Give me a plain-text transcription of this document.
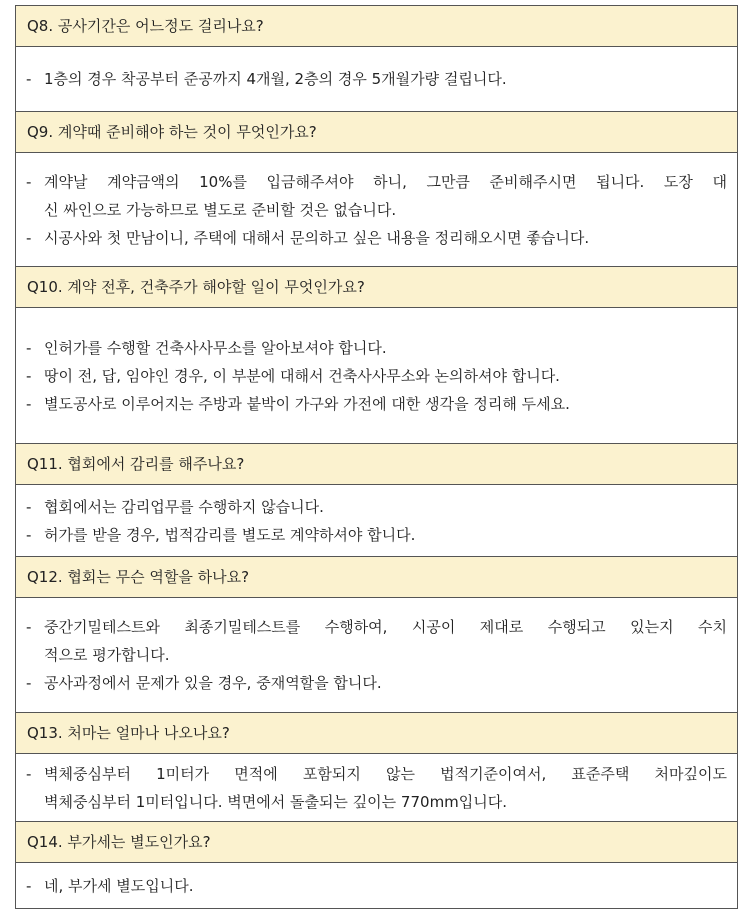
Q8. 공사기간은 어느정도 걸리나요?
- 1층의 경우 착공부터 준공까지 4개월, 2층의 경우 5개월가량 걸립니다.
Q9. 계약때 준비해야 하는 것이 무엇인가요?
- 계약날 계약금액의 10%를 입금해주셔야 하니, 그만큼 준비해주시면 됩니다. 도장 대
신 싸인으로 가능하므로 별도로 준비할 것은 없습니다.
- 시공사와 첫 만남이니, 주택에 대해서 문의하고 싶은 내용을 정리해오시면 좋습니다.
Q10. 계약 전후, 건축주가 해야할 일이 무엇인가요?
- 인허가를 수행할 건축사사무소를 알아보셔야 합니다.
- 땅이 전, 답, 임야인 경우, 이 부분에 대해서 건축사사무소와 논의하셔야 합니다.
- 별도공사로 이루어지는 주방과 붙박이 가구와 가전에 대한 생각을 정리해 두세요.
Q11. 협회에서 감리를 해주나요?
- 협회에서는 감리업무를 수행하지 않습니다.
- 허가를 받을 경우, 법적감리를 별도로 계약하셔야 합니다.
Q12. 협회는 무슨 역할을 하나요?
- 중간기밀테스트와 최종기밀테스트를 수행하여, 시공이 제대로 수행되고 있는지 수치
적으로 평가합니다.
- 공사과정에서 문제가 있을 경우, 중재역할을 합니다.
Q13. 처마는 얼마나 나오나요?
- 벽체중심부터 1미터가 면적에 포함되지 않는 법적기준이여서, 표준주택 처마깊이도
벽체중심부터 1미터입니다. 벽면에서 돌출되는 깊이는 770mm입니다.
Q14. 부가세는 별도인가요?
- 네, 부가세 별도입니다.
